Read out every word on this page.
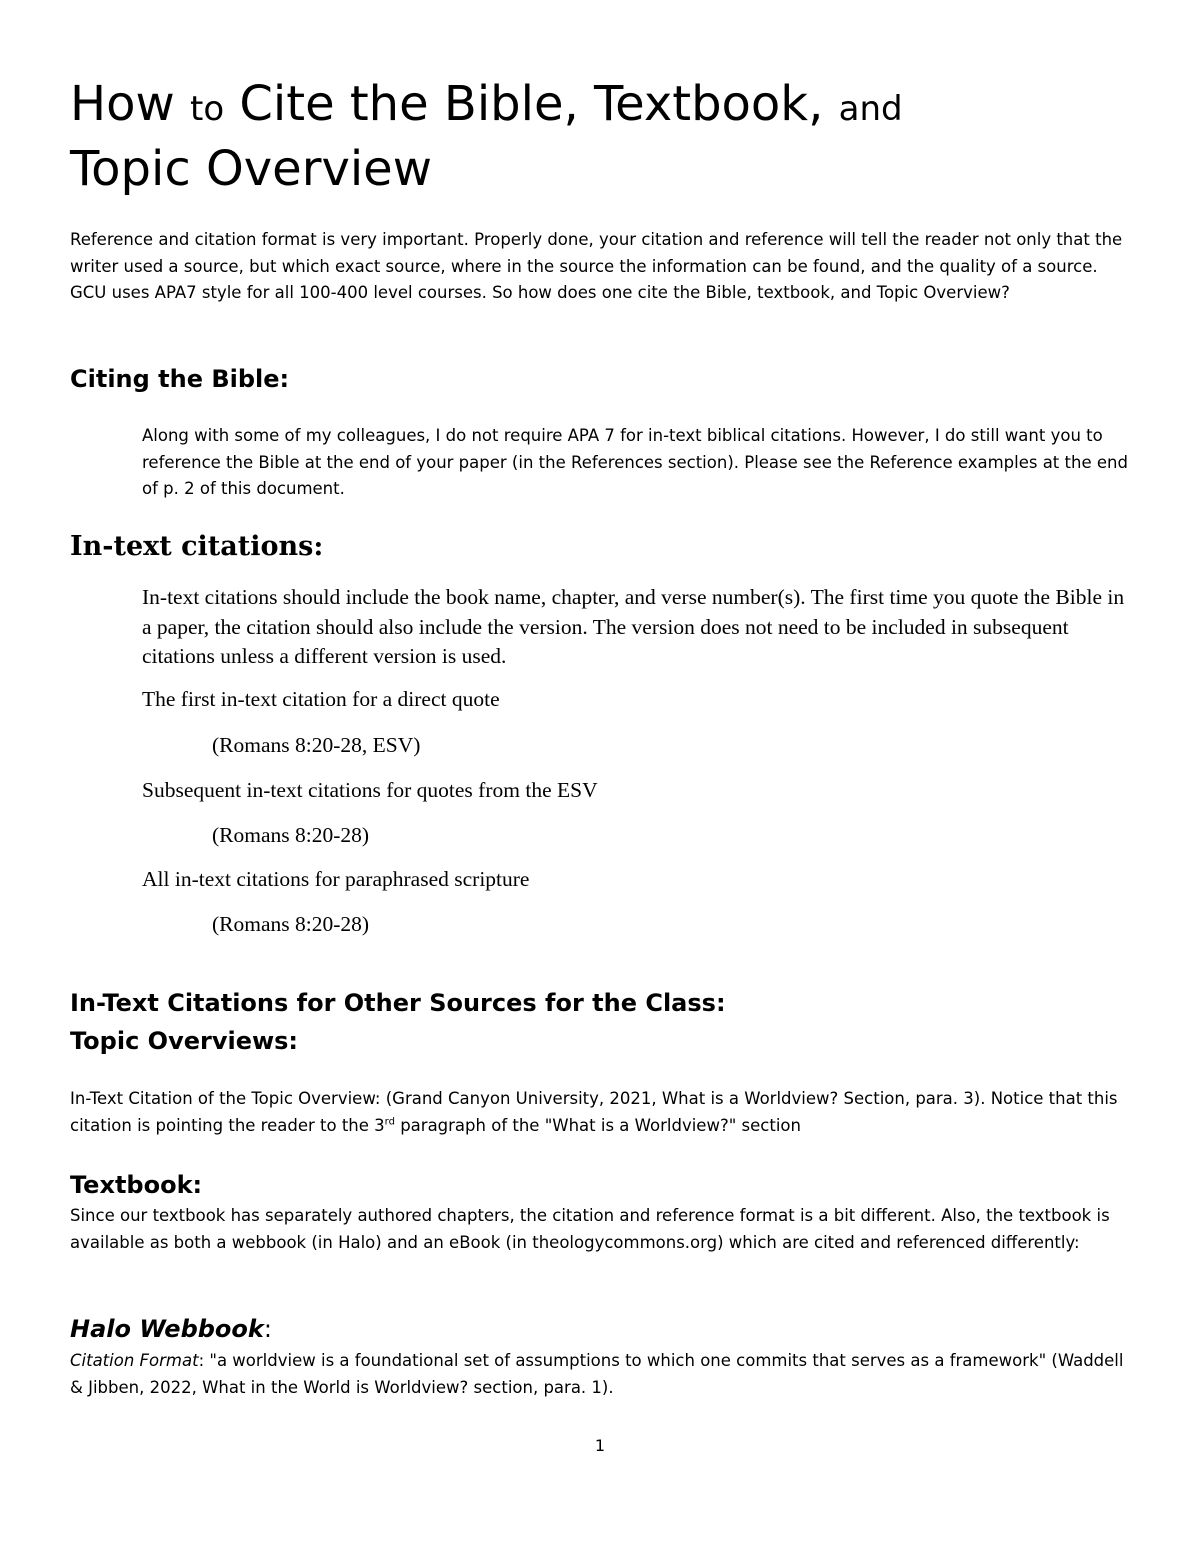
How to Cite the Bible, Textbook, and
Topic Overview

Reference and citation format is very important. Properly done, your citation and reference will tell the reader not only that the writer used a source, but which exact source, where in the source the information can be found, and the quality of a source. GCU uses APA7 style for all 100-400 level courses. So how does one cite the Bible, textbook, and Topic Overview?

Citing the Bible:

Along with some of my colleagues, I do not require APA 7 for in-text biblical citations. However, I do still want you to reference the Bible at the end of your paper (in the References section). Please see the Reference examples at the end of p. 2 of this document.

In-text citations:

In-text citations should include the book name, chapter, and verse number(s). The first time you quote the Bible in a paper, the citation should also include the version. The version does not need to be included in subsequent citations unless a different version is used.

The first in-text citation for a direct quote

(Romans 8:20-28, ESV)

Subsequent in-text citations for quotes from the ESV

(Romans 8:20-28)

All in-text citations for paraphrased scripture

(Romans 8:20-28)

In-Text Citations for Other Sources for the Class:
Topic Overviews:

In-Text Citation of the Topic Overview: (Grand Canyon University, 2021, What is a Worldview? Section, para. 3). Notice that this citation is pointing the reader to the 3rd paragraph of the "What is a Worldview?" section

Textbook:

Since our textbook has separately authored chapters, the citation and reference format is a bit different. Also, the textbook is available as both a webbook (in Halo) and an eBook (in theologycommons.org) which are cited and referenced differently:

Halo Webbook:

Citation Format: "a worldview is a foundational set of assumptions to which one commits that serves as a framework" (Waddell & Jibben, 2022, What in the World is Worldview? section, para. 1).

1
